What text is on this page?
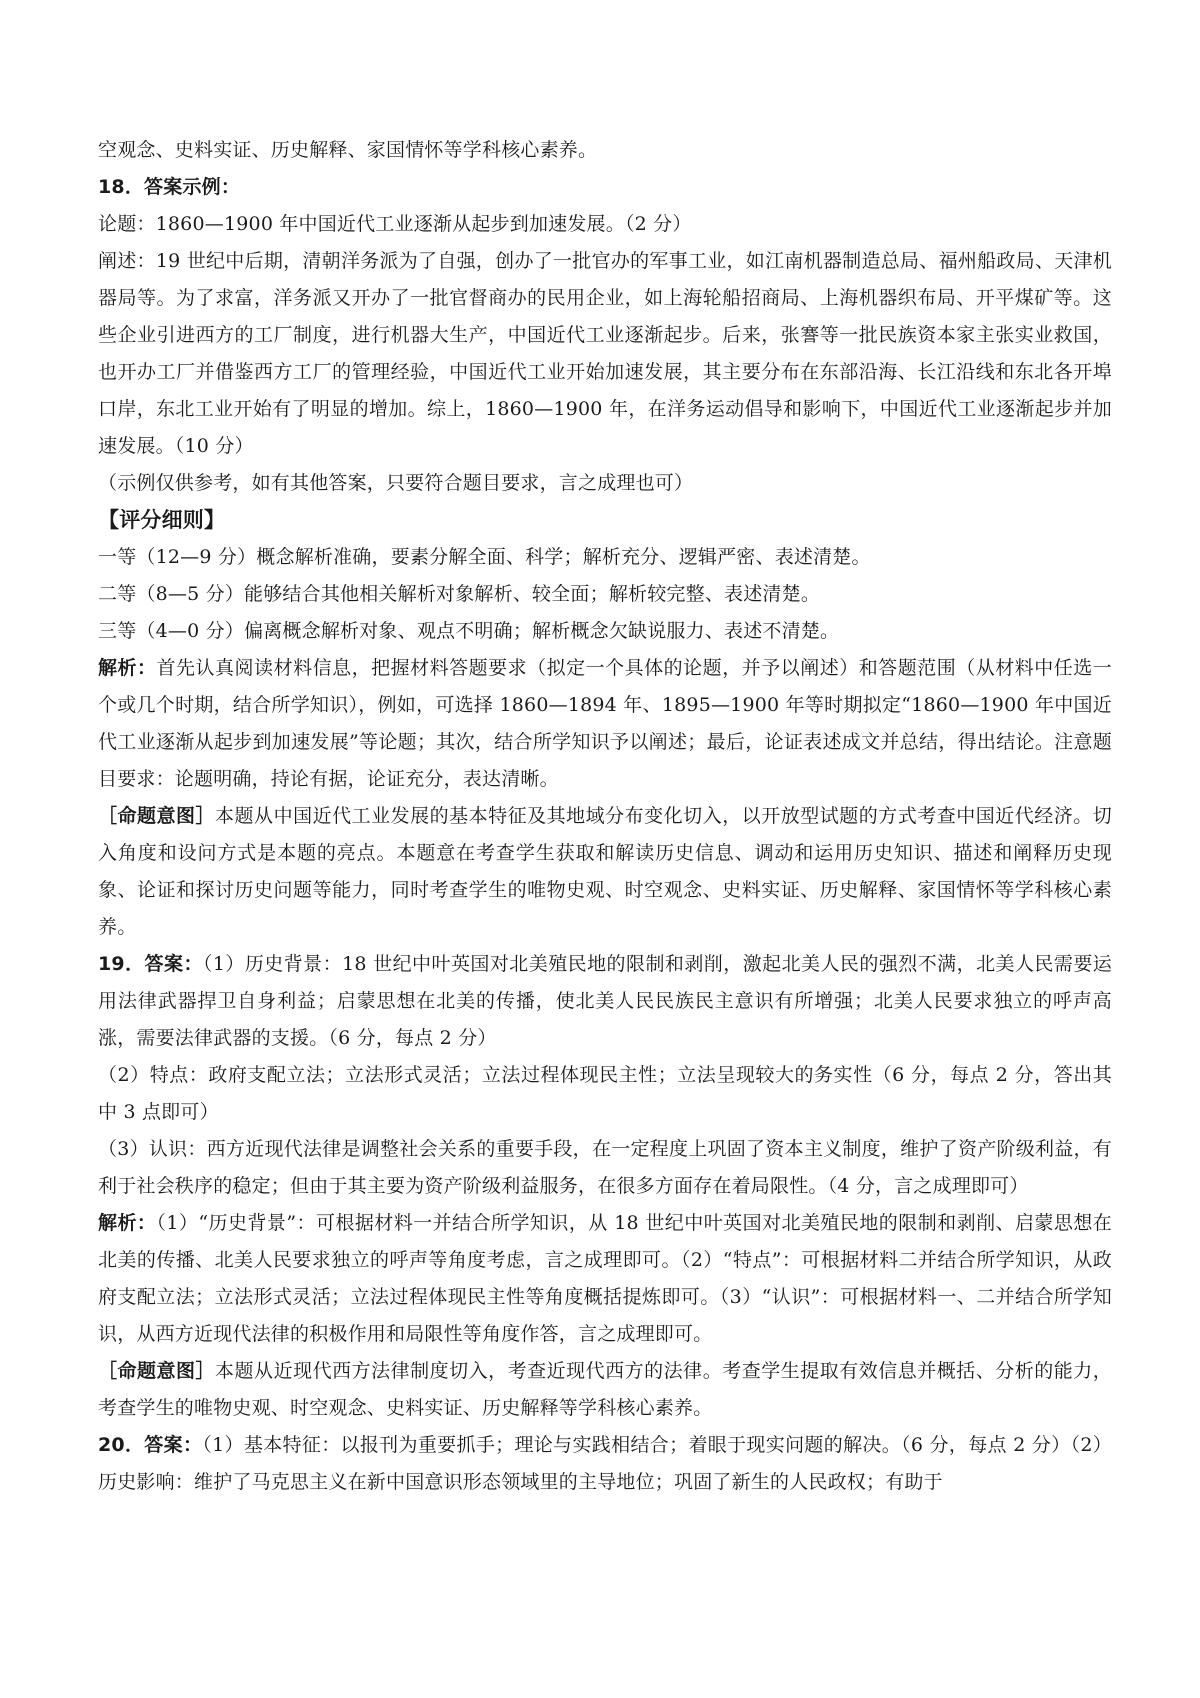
空观念、史料实证、历史解释、家国情怀等学科核心素养。

18．答案示例：

论题：1860—1900 年中国近代工业逐渐从起步到加速发展。（2 分）

阐述：19 世纪中后期，清朝洋务派为了自强，创办了一批官办的军事工业，如江南机器制造总局、福州船政局、天津机器局等。为了求富，洋务派又开办了一批官督商办的民用企业，如上海轮船招商局、上海机器织布局、开平煤矿等。这些企业引进西方的工厂制度，进行机器大生产，中国近代工业逐渐起步。后来，张謇等一批民族资本家主张实业救国，也开办工厂并借鉴西方工厂的管理经验，中国近代工业开始加速发展，其主要分布在东部沿海、长江沿线和东北各开埠口岸，东北工业开始有了明显的增加。综上，1860—1900 年，在洋务运动倡导和影响下，中国近代工业逐渐起步并加速发展。（10 分）

（示例仅供参考，如有其他答案，只要符合题目要求，言之成理也可）

【评分细则】

一等（12—9 分）概念解析准确，要素分解全面、科学；解析充分、逻辑严密、表述清楚。

二等（8—5 分）能够结合其他相关解析对象解析、较全面；解析较完整、表述清楚。

三等（4—0 分）偏离概念解析对象、观点不明确；解析概念欠缺说服力、表述不清楚。

解析：首先认真阅读材料信息，把握材料答题要求（拟定一个具体的论题，并予以阐述）和答题范围（从材料中任选一个或几个时期，结合所学知识），例如，可选择 1860—1894 年、1895—1900 年等时期拟定“1860—1900 年中国近代工业逐渐从起步到加速发展”等论题；其次，结合所学知识予以阐述；最后，论证表述成文并总结，得出结论。注意题目要求：论题明确，持论有据，论证充分，表达清晰。

［命题意图］本题从中国近代工业发展的基本特征及其地域分布变化切入，以开放型试题的方式考查中国近代经济。切入角度和设问方式是本题的亮点。本题意在考查学生获取和解读历史信息、调动和运用历史知识、描述和阐释历史现象、论证和探讨历史问题等能力，同时考查学生的唯物史观、时空观念、史料实证、历史解释、家国情怀等学科核心素养。

19．答案：（1）历史背景：18 世纪中叶英国对北美殖民地的限制和剥削，激起北美人民的强烈不满，北美人民需要运用法律武器捍卫自身利益；启蒙思想在北美的传播，使北美人民民族民主意识有所增强；北美人民要求独立的呼声高涨，需要法律武器的支援。（6 分，每点 2 分）

（2）特点：政府支配立法；立法形式灵活；立法过程体现民主性；立法呈现较大的务实性（6 分，每点 2 分，答出其中 3 点即可）

（3）认识：西方近现代法律是调整社会关系的重要手段，在一定程度上巩固了资本主义制度，维护了资产阶级利益，有利于社会秩序的稳定；但由于其主要为资产阶级利益服务，在很多方面存在着局限性。（4 分，言之成理即可）

解析：（1）“历史背景”：可根据材料一并结合所学知识，从 18 世纪中叶英国对北美殖民地的限制和剥削、启蒙思想在北美的传播、北美人民要求独立的呼声等角度考虑，言之成理即可。（2）“特点”：可根据材料二并结合所学知识，从政府支配立法；立法形式灵活；立法过程体现民主性等角度概括提炼即可。（3）“认识”：可根据材料一、二并结合所学知识，从西方近现代法律的积极作用和局限性等角度作答，言之成理即可。

［命题意图］本题从近现代西方法律制度切入，考查近现代西方的法律。考查学生提取有效信息并概括、分析的能力，考查学生的唯物史观、时空观念、史料实证、历史解释等学科核心素养。

20．答案：（1）基本特征：以报刊为重要抓手；理论与实践相结合；着眼于现实问题的解决。（6 分，每点 2 分）（2）历史影响：维护了马克思主义在新中国意识形态领域里的主导地位；巩固了新生的人民政权；有助于
